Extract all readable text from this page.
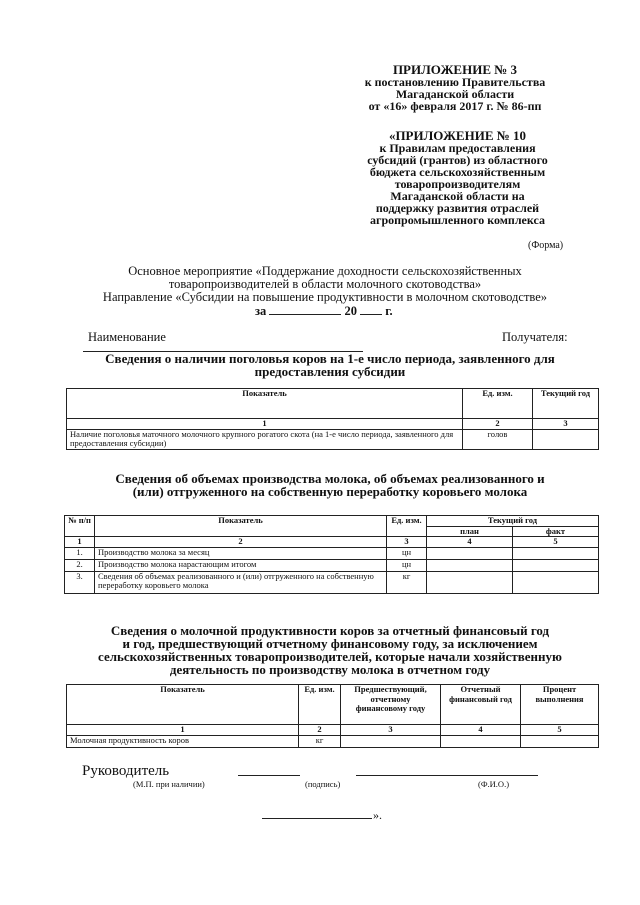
ПРИЛОЖЕНИЕ № 3
к постановлению Правительства
Магаданской области
от «16» февраля 2017 г. № 86-пп
«ПРИЛОЖЕНИЕ № 10
к Правилам предоставления
субсидий (грантов) из областного
бюджета сельскохозяйственным
товаропроизводителям
Магаданской области на
поддержку развития отраслей
агропромышленного комплекса
(Форма)
Основное мероприятие «Поддержание доходности сельскохозяйственных
товаропроизводителей в области молочного скотоводства»
Направление «Субсидии на повышение продуктивности в молочном скотоводстве»
за	20 г.
Наименование	Получателя:
Сведения о наличии поголовья коров на 1-е число периода, заявленного для
предоставления субсидии
Показатель	Ед. изм.	Текущий год
1	2	3
Наличие поголовья маточного молочного крупного рогатого скота (на 1-е число периода, заявленного для предоставления субсидии)	голов	
Сведения об объемах производства молока, об объемах реализованного и
(или) отгруженного на собственную переработку коровьего молока
№ п/п	Показатель	Ед. изм.	Текущий год	
			план	факт
1	2	3	4	5
1.	Производство молока за месяц	цн		
2.	Производство молока нарастающим итогом	цн		
3.	Сведения об объемах реализованного и (или) отгруженного на собственную переработку коровьего молока	кг		
Сведения о молочной продуктивности коров за отчетный финансовый год
и год, предшествующий отчетному финансовому году, за исключением
сельскохозяйственных товаропроизводителей, которые начали хозяйственную
деятельность по производству молока в отчетном году
Показатель	Ед. изм.	Предшествующий, отчетному финансовому году	Отчетный финансовый год	Процент выполнения
1	2	3	4	5
Молочная продуктивность коров	кг			
Руководитель
(М.П. при наличии)	(подпись)	(Ф.И.О.)
».
